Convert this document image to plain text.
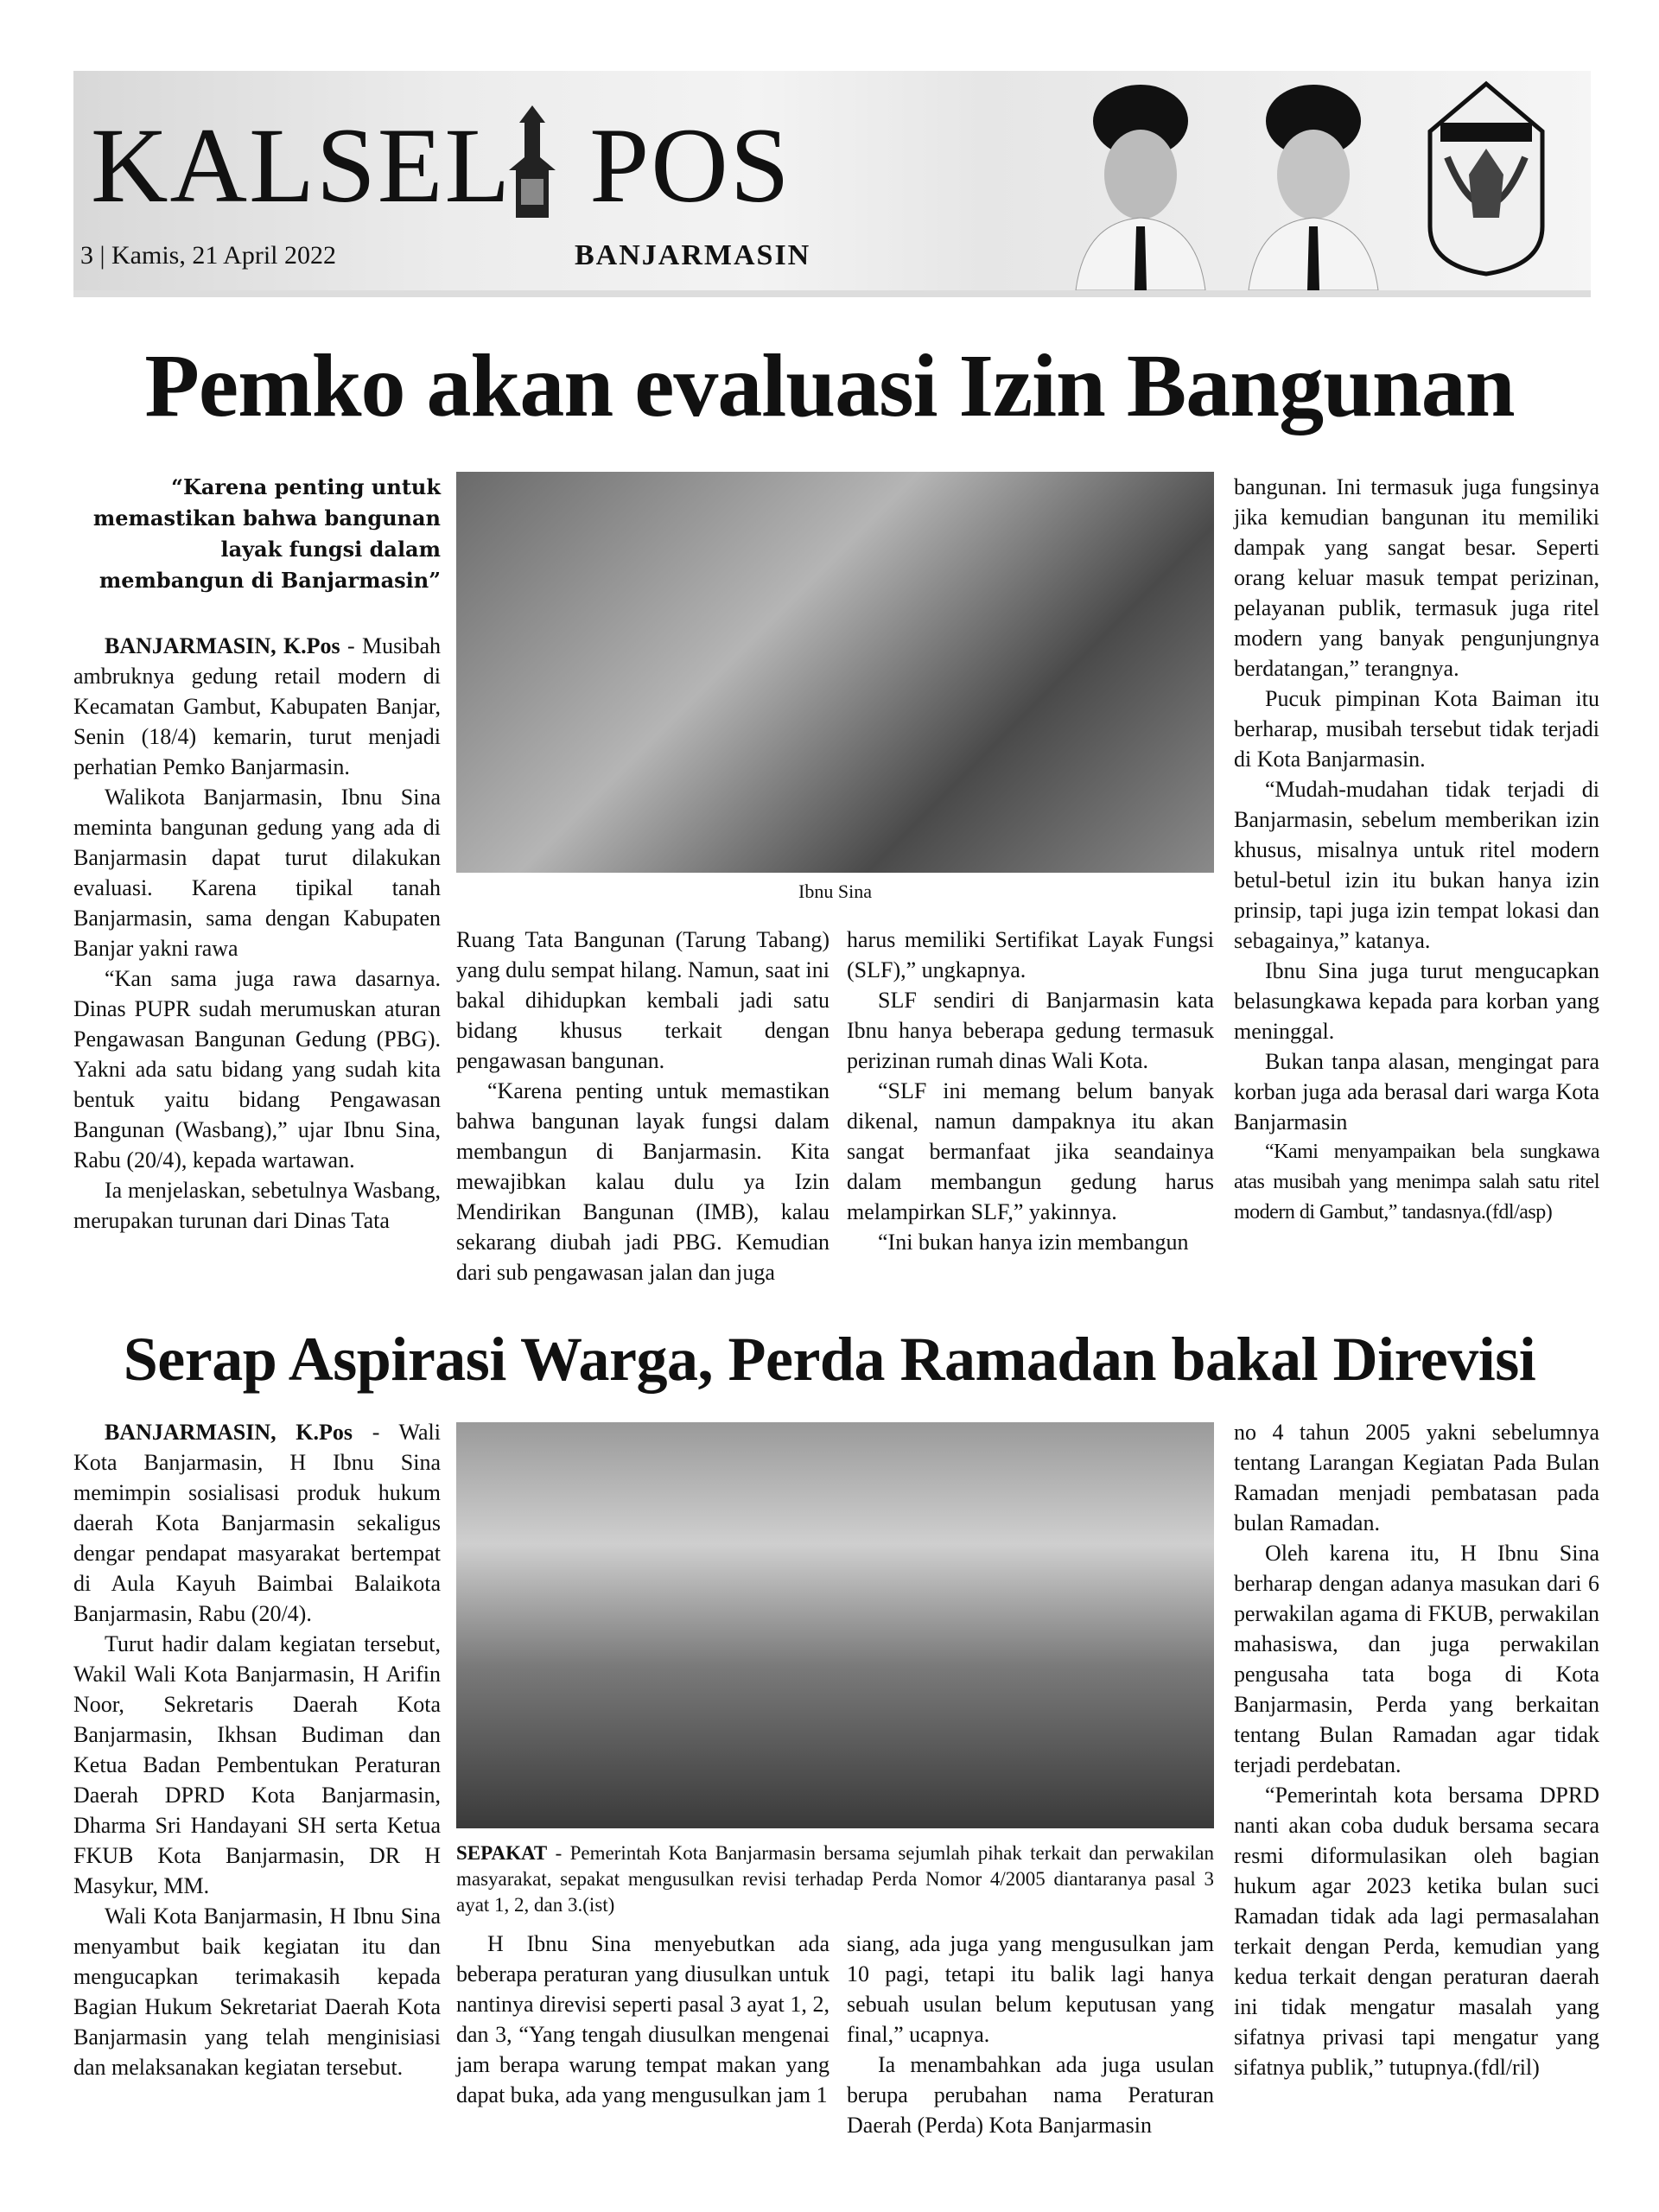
KALSEL POS
3 | Kamis, 21 April 2022	BANJARMASIN
Pemko akan evaluasi Izin Bangunan

“Karena penting untuk memastikan bahwa bangunan layak fungsi dalam membangun di Banjarmasin”

BANJARMASIN, K.Pos - Musibah ambruknya gedung retail modern di Kecamatan Gambut, Kabupaten Banjar, Senin (18/4) kemarin, turut menjadi perhatian Pemko Banjarmasin.

Walikota Banjarmasin, Ibnu Sina meminta bangunan gedung yang ada di Banjarmasin dapat turut dilakukan evaluasi. Karena tipikal tanah Banjarmasin, sama dengan Kabupaten Banjar yakni rawa

“Kan sama juga rawa dasarnya. Dinas PUPR sudah merumuskan aturan Pengawasan Bangunan Gedung (PBG). Yakni ada satu bidang yang sudah kita bentuk yaitu bidang Pengawasan Bangunan (Wasbang),” ujar Ibnu Sina, Rabu (20/4), kepada wartawan.

Ia menjelaskan, sebetulnya Wasbang, merupakan turunan dari Dinas Tata

Ibnu Sina

Ruang Tata Bangunan (Tarung Tabang) yang dulu sempat hilang. Namun, saat ini bakal dihidupkan kembali jadi satu bidang khusus terkait dengan pengawasan bangunan.

“Karena penting untuk memastikan bahwa bangunan layak fungsi dalam membangun di Banjarmasin. Kita mewajibkan kalau dulu ya Izin Mendirikan Bangunan (IMB), kalau sekarang diubah jadi PBG. Kemudian dari sub pengawasan jalan dan juga

harus memiliki Sertifikat Layak Fungsi (SLF),” ungkapnya.

SLF sendiri di Banjarmasin kata Ibnu hanya beberapa gedung termasuk perizinan rumah dinas Wali Kota.

“SLF ini memang belum banyak dikenal, namun dampaknya itu akan sangat bermanfaat jika seandainya dalam membangun gedung harus melampirkan SLF,” yakinnya.

“Ini bukan hanya izin membangun

bangunan. Ini termasuk juga fungsinya jika kemudian bangunan itu memiliki dampak yang sangat besar. Seperti orang keluar masuk tempat perizinan, pelayanan publik, termasuk juga ritel modern yang banyak pengunjungnya berdatangan,” terangnya.

Pucuk pimpinan Kota Baiman itu berharap, musibah tersebut tidak terjadi di Kota Banjarmasin.

“Mudah-mudahan tidak terjadi di Banjarmasin, sebelum memberikan izin khusus, misalnya untuk ritel modern betul-betul izin itu bukan hanya izin prinsip, tapi juga izin tempat lokasi dan sebagainya,” katanya.

Ibnu Sina juga turut mengucapkan belasungkawa kepada para korban yang meninggal.

Bukan tanpa alasan, mengingat para korban juga ada berasal dari warga Kota Banjarmasin

“Kami menyampaikan bela sungkawa atas musibah yang menimpa salah satu ritel modern di Gambut,” tandasnya.(fdl/asp)

Serap Aspirasi Warga, Perda Ramadan bakal Direvisi

BANJARMASIN, K.Pos - Wali Kota Banjarmasin, H Ibnu Sina memimpin sosialisasi produk hukum daerah Kota Banjarmasin sekaligus dengar pendapat masyarakat bertempat di Aula Kayuh Baimbai Balaikota Banjarmasin, Rabu (20/4).

Turut hadir dalam kegiatan tersebut, Wakil Wali Kota Banjarmasin, H Arifin Noor, Sekretaris Daerah Kota Banjarmasin, Ikhsan Budiman dan Ketua Badan Pembentukan Peraturan Daerah DPRD Kota Banjarmasin, Dharma Sri Handayani SH serta Ketua FKUB Kota Banjarmasin, DR H Masykur, MM.

Wali Kota Banjarmasin, H Ibnu Sina menyambut baik kegiatan itu dan mengucapkan terimakasih kepada Bagian Hukum Sekretariat Daerah Kota Banjarmasin yang telah menginisiasi dan melaksanakan kegiatan tersebut.

SEPAKAT - Pemerintah Kota Banjarmasin bersama sejumlah pihak terkait dan perwakilan masyarakat, sepakat mengusulkan revisi terhadap Perda Nomor 4/2005 diantaranya pasal 3 ayat 1, 2, dan 3.(ist)

H Ibnu Sina menyebutkan ada beberapa peraturan yang diusulkan untuk nantinya direvisi seperti pasal 3 ayat 1, 2, dan 3, “Yang tengah diusulkan mengenai jam berapa warung tempat makan yang dapat buka, ada yang mengusulkan jam 1

siang, ada juga yang mengusulkan jam 10 pagi, tetapi itu balik lagi hanya sebuah usulan belum keputusan yang final,” ucapnya.

Ia menambahkan ada juga usulan berupa perubahan nama Peraturan Daerah (Perda) Kota Banjarmasin

no 4 tahun 2005 yakni sebelumnya tentang Larangan Kegiatan Pada Bulan Ramadan menjadi pembatasan pada bulan Ramadan.

Oleh karena itu, H Ibnu Sina berharap dengan adanya masukan dari 6 perwakilan agama di FKUB, perwakilan mahasiswa, dan juga perwakilan pengusaha tata boga di Kota Banjarmasin, Perda yang berkaitan tentang Bulan Ramadan agar tidak terjadi perdebatan.

“Pemerintah kota bersama DPRD nanti akan coba duduk bersama secara resmi diformulasikan oleh bagian hukum agar 2023 ketika bulan suci Ramadan tidak ada lagi permasalahan terkait dengan Perda, kemudian yang kedua terkait dengan peraturan daerah ini tidak mengatur masalah yang sifatnya privasi tapi mengatur yang sifatnya publik,” tutupnya.(fdl/ril)
